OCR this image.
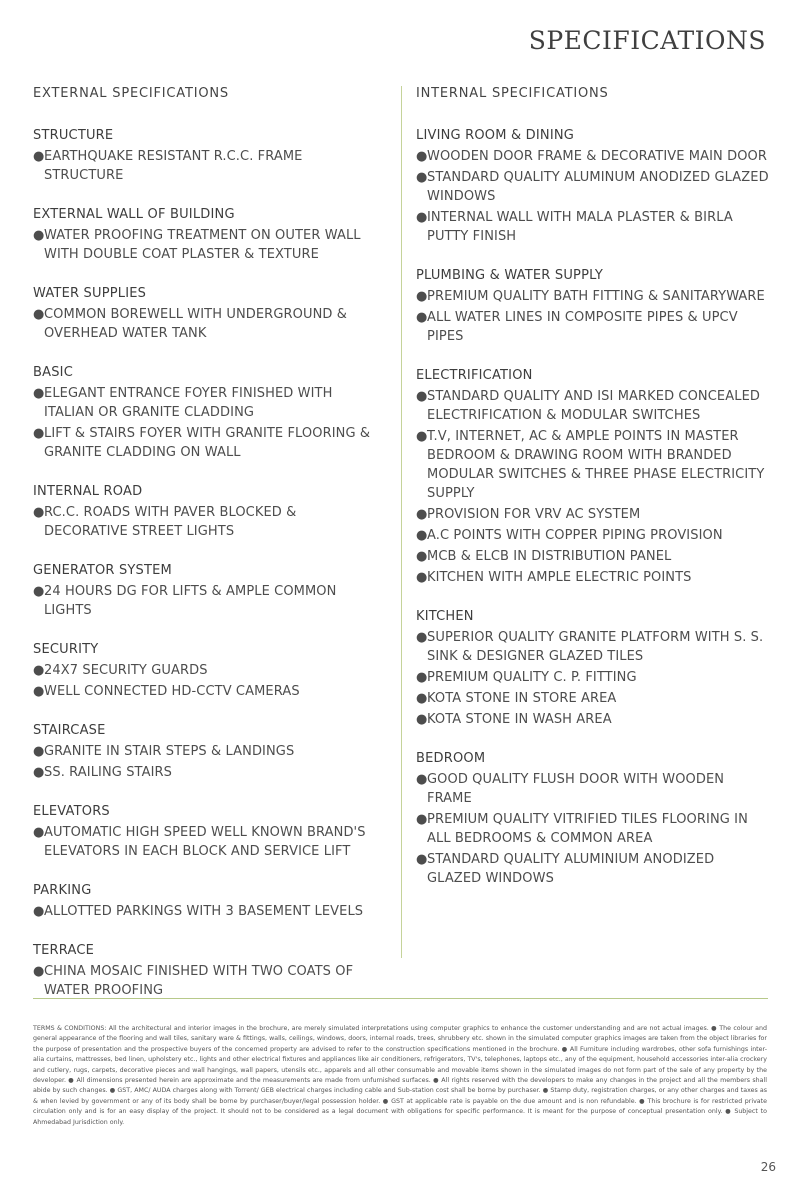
SPECIFICATIONS
EXTERNAL SPECIFICATIONS
STRUCTURE
● EARTHQUAKE RESISTANT R.C.C. FRAME STRUCTURE
EXTERNAL WALL OF BUILDING
● WATER PROOFING TREATMENT ON OUTER WALL WITH DOUBLE COAT PLASTER & TEXTURE
WATER SUPPLIES
● COMMON BOREWELL WITH UNDERGROUND & OVERHEAD WATER TANK
BASIC
● ELEGANT ENTRANCE FOYER FINISHED WITH ITALIAN OR GRANITE CLADDING
● LIFT & STAIRS FOYER WITH GRANITE FLOORING & GRANITE CLADDING ON WALL
INTERNAL ROAD
● RC.C. ROADS WITH PAVER BLOCKED & DECORATIVE STREET LIGHTS
GENERATOR SYSTEM
● 24 HOURS DG FOR LIFTS & AMPLE COMMON LIGHTS
SECURITY
● 24X7 SECURITY GUARDS
● WELL CONNECTED HD-CCTV CAMERAS
STAIRCASE
● GRANITE IN STAIR STEPS & LANDINGS
● SS. RAILING STAIRS
ELEVATORS
● AUTOMATIC HIGH SPEED WELL KNOWN BRAND'S ELEVATORS IN EACH BLOCK AND SERVICE LIFT
PARKING
● ALLOTTED PARKINGS WITH 3 BASEMENT LEVELS
TERRACE
● CHINA MOSAIC FINISHED WITH TWO COATS OF WATER PROOFING
INTERNAL SPECIFICATIONS
LIVING ROOM & DINING
● WOODEN DOOR FRAME & DECORATIVE MAIN DOOR
● STANDARD QUALITY ALUMINUM ANODIZED GLAZED WINDOWS
● INTERNAL WALL WITH MALA PLASTER & BIRLA PUTTY FINISH
PLUMBING & WATER SUPPLY
● PREMIUM QUALITY BATH FITTING & SANITARYWARE
● ALL WATER LINES IN COMPOSITE PIPES & UPCV PIPES
ELECTRIFICATION
● STANDARD QUALITY AND ISI MARKED CONCEALED ELECTRIFICATION & MODULAR SWITCHES
● T.V, INTERNET, AC & AMPLE POINTS IN MASTER BEDROOM & DRAWING ROOM WITH BRANDED MODULAR SWITCHES & THREE PHASE ELECTRICITY SUPPLY
● PROVISION FOR VRV AC SYSTEM
● A.C POINTS WITH COPPER PIPING PROVISION
● MCB & ELCB IN DISTRIBUTION PANEL
● KITCHEN WITH AMPLE ELECTRIC POINTS
KITCHEN
● SUPERIOR QUALITY GRANITE PLATFORM WITH S. S. SINK & DESIGNER GLAZED TILES
● PREMIUM QUALITY C. P. FITTING
● KOTA STONE IN STORE AREA
● KOTA STONE IN WASH AREA
BEDROOM
● GOOD QUALITY FLUSH DOOR WITH WOODEN FRAME
● PREMIUM QUALITY VITRIFIED TILES FLOORING IN ALL BEDROOMS & COMMON AREA
● STANDARD QUALITY ALUMINIUM ANODIZED GLAZED WINDOWS
TERMS & CONDITIONS: All the architectural and interior images in the brochure, are merely simulated interpretations using computer graphics to enhance the customer understanding and are not actual images. ● The colour and general appearance of the flooring and wall tiles, sanitary ware & fittings, walls, ceilings, windows, doors, internal roads, trees, shrubbery etc. shown in the simulated computer graphics images are taken from the object libraries for the purpose of presentation and the prospective buyers of the concerned property are advised to refer to the construction specifications mentioned in the brochure. ● All Furniture including wardrobes, other sofa furnishings inter-alia curtains, mattresses, bed linen, upholstery etc., lights and other electrical fixtures and appliances like air conditioners, refrigerators, TV's, telephones, laptops etc., any of the equipment, household accessories inter-alia crockery and cutlery, rugs, carpets, decorative pieces and wall hangings, wall papers, utensils etc., apparels and all other consumable and movable items shown in the simulated images do not form part of the sale of any property by the developer. ● All dimensions presented herein are approximate and the measurements are made from unfurnished surfaces. ● All rights reserved with the developers to make any changes in the project and all the members shall abide by such changes. ● GST, AMC/ AUDA charges along with Torrent/ GEB electrical charges including cable and Sub-station cost shall be borne by purchaser. ● Stamp duty, registration charges, or any other charges and taxes as & when levied by government or any of its body shall be borne by purchaser/buyer/legal possession holder. ● GST at applicable rate is payable on the due amount and is non refundable. ● This brochure is for restricted private circulation only and is for an easy display of the project. It should not to be considered as a legal document with obligations for specific performance. It is meant for the purpose of conceptual presentation only. ● Subject to Ahmedabad Jurisdiction only.
26
